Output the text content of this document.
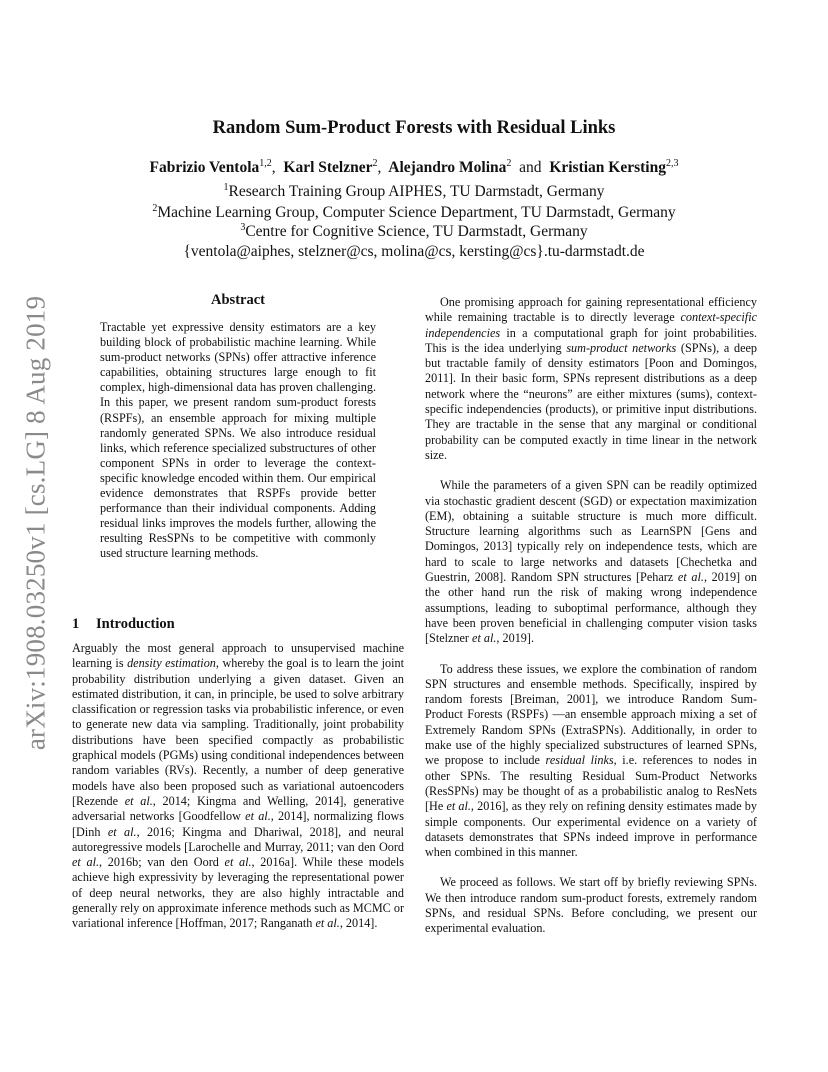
arXiv:1908.03250v1 [cs.LG] 8 Aug 2019
Random Sum-Product Forests with Residual Links
Fabrizio Ventola$^{1,2}$, Karl Stelzner$^2$, Alejandro Molina$^2$ and Kristian Kersting$^{2,3}$
$^1$Research Training Group AIPHES, TU Darmstadt, Germany
$^2$Machine Learning Group, Computer Science Department, TU Darmstadt, Germany
$^3$Centre for Cognitive Science, TU Darmstadt, Germany
{ventola@aiphes, stelzner@cs, molina@cs, kersting@cs}.tu-darmstadt.de
Abstract
Tractable yet expressive density estimators are a key building block of probabilistic machine learning. While sum-product networks (SPNs) offer attractive inference capabilities, obtaining structures large enough to fit complex, high-dimensional data has proven challenging. In this paper, we present random sum-product forests (RSPFs), an ensemble approach for mixing multiple randomly generated SPNs. We also introduce residual links, which reference specialized substructures of other component SPNs in order to leverage the context-specific knowledge encoded within them. Our empirical evidence demonstrates that RSPFs provide better performance than their individual components. Adding residual links improves the models further, allowing the resulting ResSPNs to be competitive with commonly used structure learning methods.
1 Introduction

Arguably the most general approach to unsupervised machine learning is density estimation, whereby the goal is to learn the joint probability distribution underlying a given dataset. Given an estimated distribution, it can, in principle, be used to solve arbitrary classification or regression tasks via probabilistic inference, or even to generate new data via sampling. Traditionally, joint probability distributions have been specified compactly as probabilistic graphical models (PGMs) using conditional independences between random variables (RVs). Recently, a number of deep generative models have also been proposed such as variational autoencoders [Rezende et al., 2014; Kingma and Welling, 2014], generative adversarial networks [Goodfellow et al., 2014], normalizing flows [Dinh et al., 2016; Kingma and Dhariwal, 2018], and neural autoregressive models [Larochelle and Murray, 2011; van den Oord et al., 2016b; van den Oord et al., 2016a]. While these models achieve high expressivity by leveraging the representational power of deep neural networks, they are also highly intractable and generally rely on approximate inference methods such as MCMC or variational inference [Hoffman, 2017; Ranganath et al., 2014].

One promising approach for gaining representational efficiency while remaining tractable is to directly leverage context-specific independencies in a computational graph for joint probabilities. This is the idea underlying sum-product networks (SPNs), a deep but tractable family of density estimators [Poon and Domingos, 2011]. In their basic form, SPNs represent distributions as a deep network where the “neurons” are either mixtures (sums), context-specific independencies (products), or primitive input distributions. They are tractable in the sense that any marginal or conditional probability can be computed exactly in time linear in the network size.

While the parameters of a given SPN can be readily optimized via stochastic gradient descent (SGD) or expectation maximization (EM), obtaining a suitable structure is much more difficult. Structure learning algorithms such as LearnSPN [Gens and Domingos, 2013] typically rely on independence tests, which are hard to scale to large networks and datasets [Chechetka and Guestrin, 2008]. Random SPN structures [Peharz et al., 2019] on the other hand run the risk of making wrong independence assumptions, leading to suboptimal performance, although they have been proven beneficial in challenging computer vision tasks [Stelzner et al., 2019].

To address these issues, we explore the combination of random SPN structures and ensemble methods. Specifically, inspired by random forests [Breiman, 2001], we introduce Random Sum-Product Forests (RSPFs) —an ensemble approach mixing a set of Extremely Random SPNs (ExtraSPNs). Additionally, in order to make use of the highly specialized substructures of learned SPNs, we propose to include residual links, i.e. references to nodes in other SPNs. The resulting Residual Sum-Product Networks (ResSPNs) may be thought of as a probabilistic analog to ResNets [He et al., 2016], as they rely on refining density estimates made by simple components. Our experimental evidence on a variety of datasets demonstrates that SPNs indeed improve in performance when combined in this manner.

We proceed as follows. We start off by briefly reviewing SPNs. We then introduce random sum-product forests, extremely random SPNs, and residual SPNs. Before concluding, we present our experimental evaluation.
